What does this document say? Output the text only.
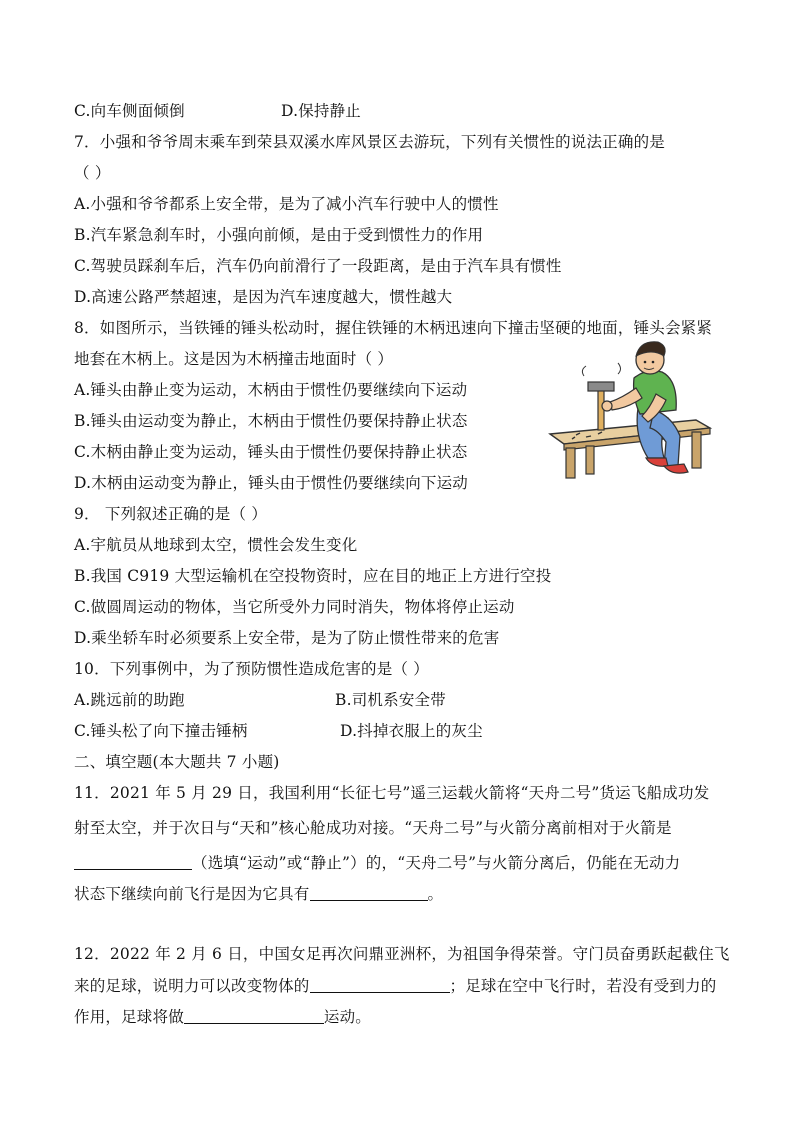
C.向车侧面倾倒	D.保持静止
7．小强和爷爷周末乘车到荣县双溪水库风景区去游玩，下列有关惯性的说法正确的是
（ ）
A.小强和爷爷都系上安全带，是为了减小汽车行驶中人的惯性
B.汽车紧急刹车时，小强向前倾，是由于受到惯性力的作用
C.驾驶员踩刹车后，汽车仍向前滑行了一段距离，是由于汽车具有惯性
D.高速公路严禁超速，是因为汽车速度越大，惯性越大
8．如图所示，当铁锤的锤头松动时，握住铁锤的木柄迅速向下撞击坚硬的地面，锤头会紧紧
地套在木柄上。这是因为木柄撞击地面时（ ）
A.锤头由静止变为运动，木柄由于惯性仍要继续向下运动
B.锤头由运动变为静止，木柄由于惯性仍要保持静止状态
C.木柄由静止变为运动，锤头由于惯性仍要保持静止状态
D.木柄由运动变为静止，锤头由于惯性仍要继续向下运动
9． 下列叙述正确的是（ ）
A.宇航员从地球到太空，惯性会发生变化
B.我国 C919 大型运输机在空投物资时，应在目的地正上方进行空投
C.做圆周运动的物体，当它所受外力同时消失，物体将停止运动
D.乘坐轿车时必须要系上安全带，是为了防止惯性带来的危害
10．下列事例中，为了预防惯性造成危害的是（ ）
A.跳远前的助跑	B.司机系安全带
C.锤头松了向下撞击锤柄	D.抖掉衣服上的灰尘
二、填空题(本大题共 7 小题)
11．2021 年 5 月 29 日，我国利用“长征七号”遥三运载火箭将“天舟二号”货运飞船成功发
射至太空，并于次日与“天和”核心舱成功对接。“天舟二号”与火箭分离前相对于火箭是
（选填“运动”或“静止”）的，“天舟二号”与火箭分离后，仍能在无动力
状态下继续向前飞行是因为它具有	。
12．2022 年 2 月 6 日，中国女足再次问鼎亚洲杯，为祖国争得荣誉。守门员奋勇跃起截住飞
来的足球，说明力可以改变物体的	；足球在空中飞行时，若没有受到力的
作用，足球将做	运动。
